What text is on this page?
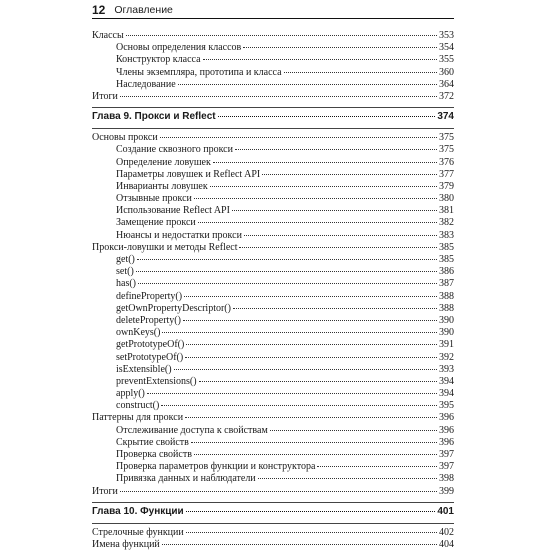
12 Оглавление
Классы	353
Основы определения классов	354
Конструктор класса	355
Члены экземпляра, прототипа и класса	360
Наследование	364
Итоги	372
Глава 9. Прокси и Reflect	374
Основы прокси	375
Создание сквозного прокси	375
Определение ловушек	376
Параметры ловушек и Reflect API	377
Инварианты ловушек	379
Отзывные прокси	380
Использование Reflect API	381
Замещение прокси	382
Нюансы и недостатки прокси	383
Прокси-ловушки и методы Reflect	385
get()	385
set()	386
has()	387
defineProperty()	388
getOwnPropertyDescriptor()	388
deleteProperty()	390
ownKeys()	390
getPrototypeOf()	391
setPrototypeOf()	392
isExtensible()	393
preventExtensions()	394
apply()	394
construct()	395
Паттерны для прокси	396
Отслеживание доступа к свойствам	396
Скрытие свойств	396
Проверка свойств	397
Проверка параметров функции и конструктора	397
Привязка данных и наблюдатели	398
Итоги	399
Глава 10. Функции	401
Стрелочные функции	402
Имена функций	404
